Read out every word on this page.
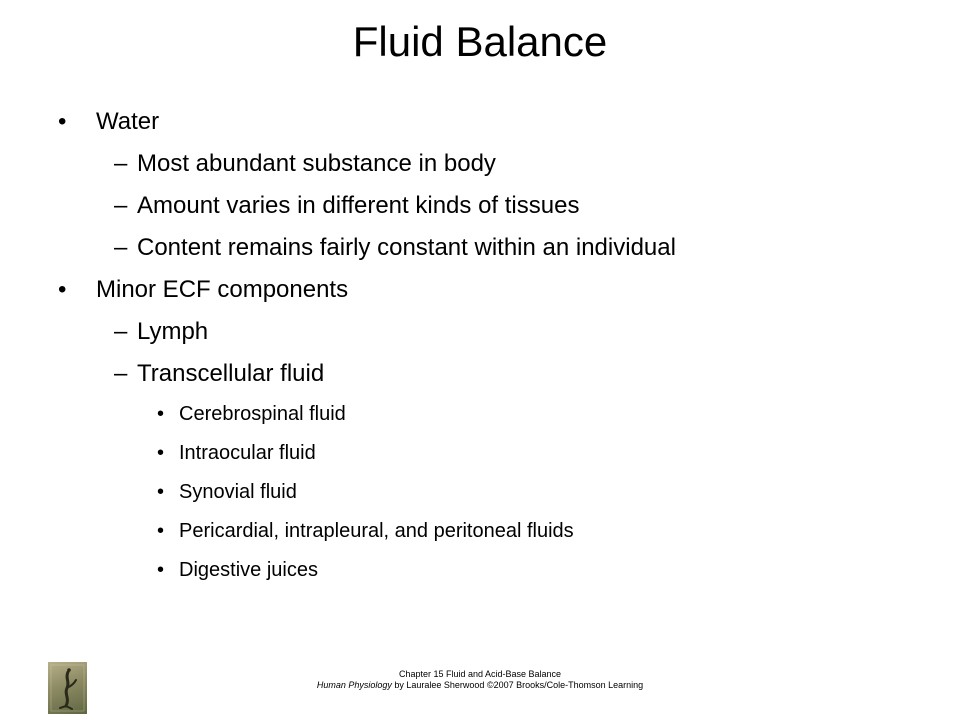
Fluid Balance
• Water
– Most abundant substance in body
– Amount varies in different kinds of tissues
– Content remains fairly constant within an individual
• Minor ECF components
– Lymph
– Transcellular fluid
• Cerebrospinal fluid
• Intraocular fluid
• Synovial fluid
• Pericardial, intrapleural, and peritoneal fluids
• Digestive juices
Chapter 15 Fluid and Acid-Base Balance
Human Physiology by Lauralee Sherwood ©2007 Brooks/Cole-Thomson Learning
